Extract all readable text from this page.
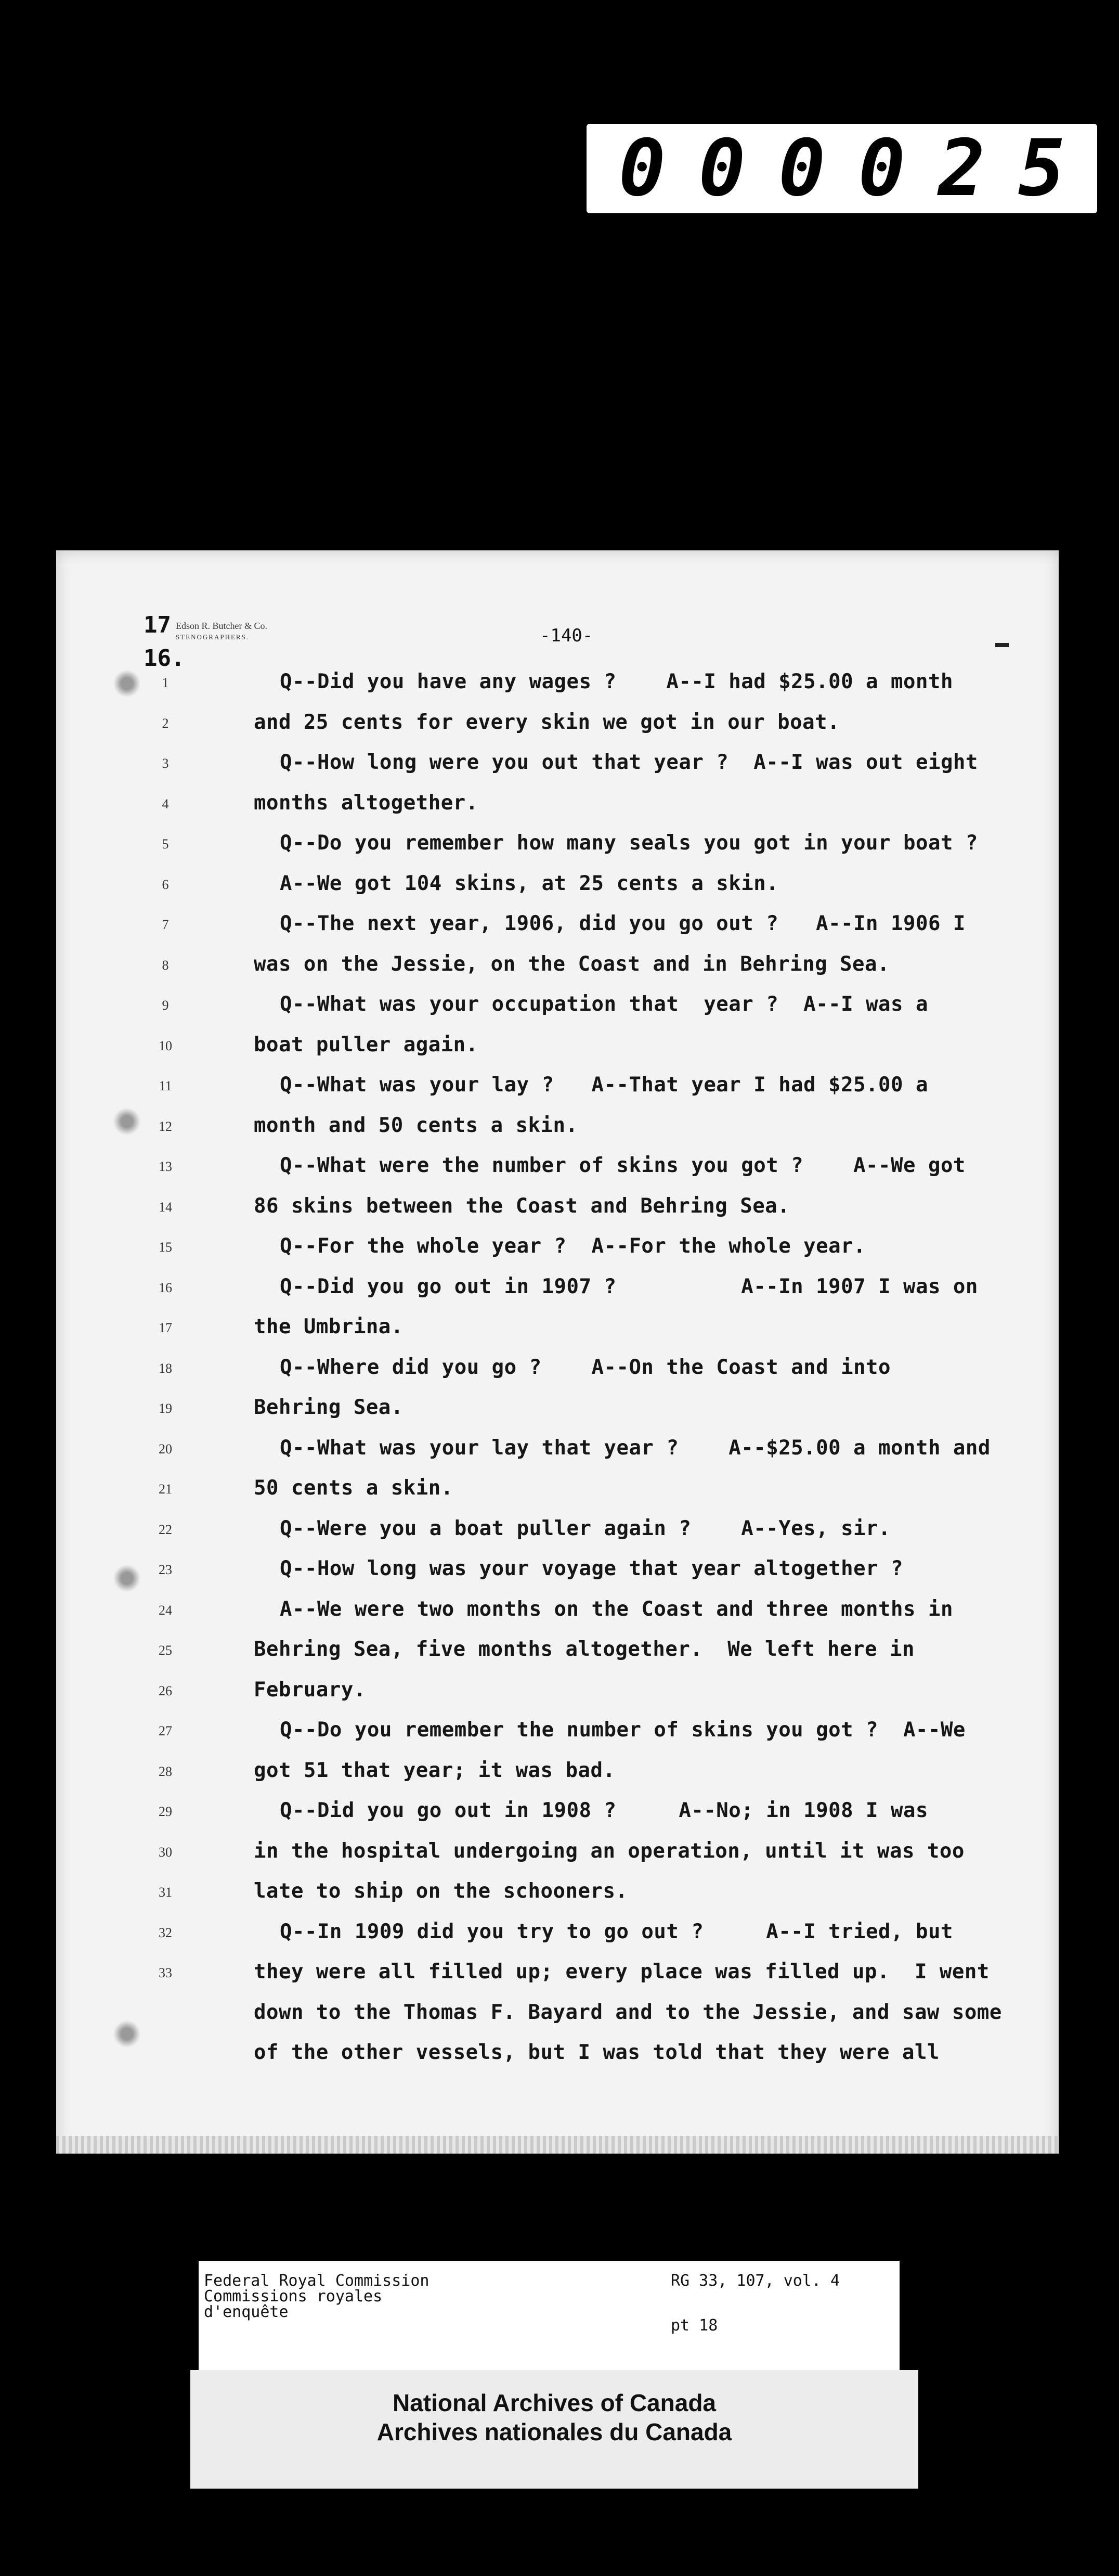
0 0 0 0 2 5
17
16.
Edson R. Butcher & Co.
STENOGRAPHERS.	-140-
1	Q--Did you have any wages ?    A--I had $25.00 a month
2	and 25 cents for every skin we got in our boat.
3	Q--How long were you out that year ?  A--I was out eight
4	months altogether.
5	Q--Do you remember how many seals you got in your boat ?
6	A--We got 104 skins, at 25 cents a skin.
7	Q--The next year, 1906, did you go out ?   A--In 1906 I
8	was on the Jessie, on the Coast and in Behring Sea.
9	Q--What was your occupation that  year ?  A--I was a
10	boat puller again.
11	Q--What was your lay ?   A--That year I had $25.00 a
12	month and 50 cents a skin.
13	Q--What were the number of skins you got ?    A--We got
14	86 skins between the Coast and Behring Sea.
15	Q--For the whole year ?  A--For the whole year.
16	Q--Did you go out in 1907 ?          A--In 1907 I was on
17	the Umbrina.
18	Q--Where did you go ?    A--On the Coast and into
19	Behring Sea.
20	Q--What was your lay that year ?    A--$25.00 a month and
21	50 cents a skin.
22	Q--Were you a boat puller again ?    A--Yes, sir.
23	Q--How long was your voyage that year altogether ?
24	A--We were two months on the Coast and three months in
25	Behring Sea, five months altogether.  We left here in
26	February.
27	Q--Do you remember the number of skins you got ?  A--We
28	got 51 that year; it was bad.
29	Q--Did you go out in 1908 ?     A--No; in 1908 I was
30	in the hospital undergoing an operation, until it was too
31	late to ship on the schooners.
32	Q--In 1909 did you try to go out ?     A--I tried, but
33	they were all filled up; every place was filled up.  I went
down to the Thomas F. Bayard and to the Jessie, and saw some
of the other vessels, but I was told that they were all
Federal Royal Commission
Commissions royales
d'enquête
RG 33, 107, vol. 4
pt 18
National Archives of Canada
Archives nationales du Canada
